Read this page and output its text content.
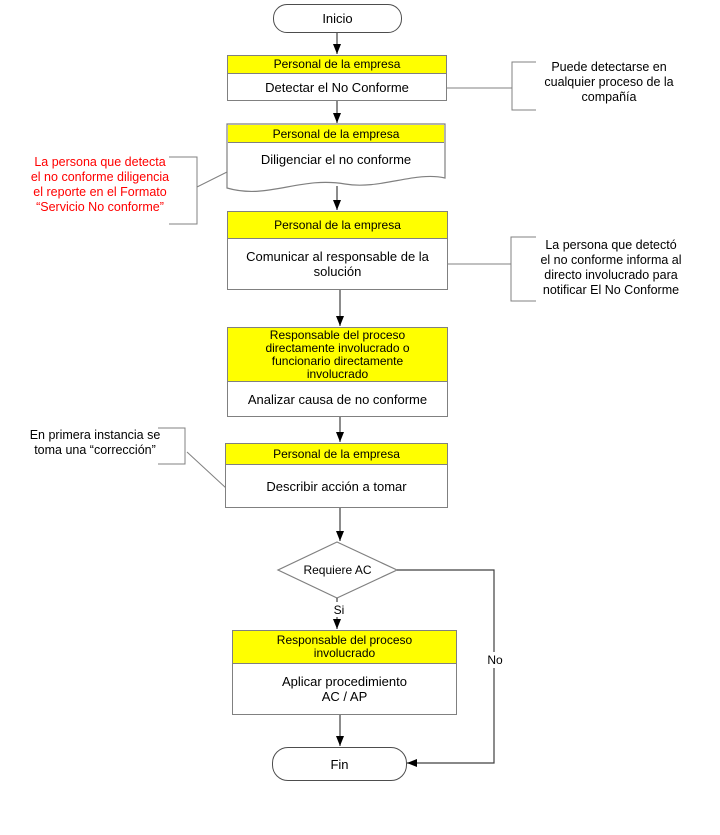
Inicio
Fin
Personal de la empresa
Detectar el No Conforme
Personal de la empresa
Diligenciar el no conforme
Personal de la empresa
Comunicar al responsable de la
solución
Responsable del proceso
directamente involucrado o
funcionario directamente
involucrado
Analizar causa de no conforme
Personal de la empresa
Describir acción a tomar
Responsable del proceso
involucrado
Aplicar procedimiento
AC / AP
Requiere AC
Si
No
Puede detectarse en
cualquier proceso de la
compañía
La persona que detecta
el no conforme diligencia
el reporte en el Formato
“Servicio No conforme”
La persona que detectó
el no conforme informa al
directo involucrado para
notificar El No Conforme
En primera instancia se
toma una “corrección”
